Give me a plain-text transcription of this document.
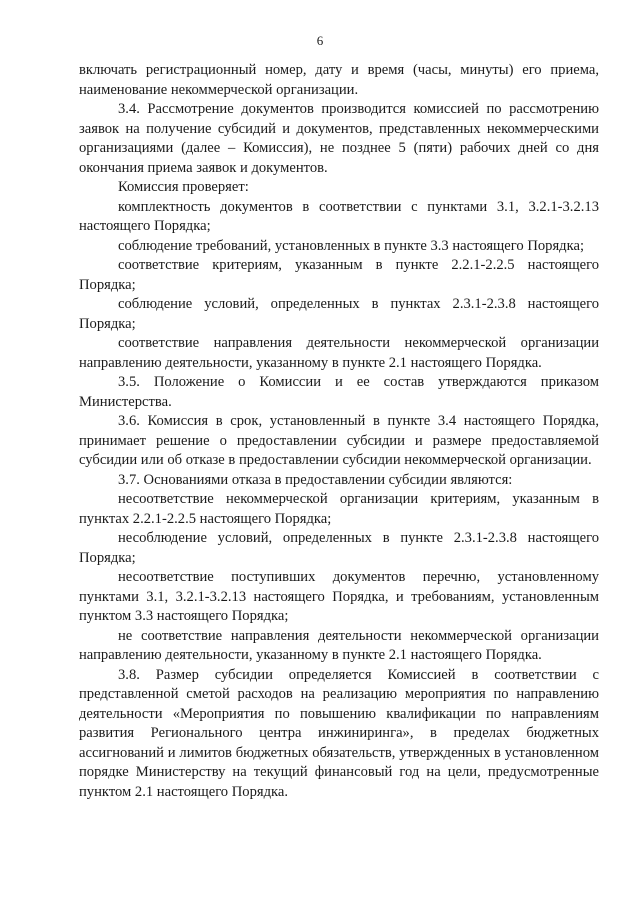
6

включать регистрационный номер, дату и время (часы, минуты) его приема, наименование некоммерческой организации.

3.4. Рассмотрение документов производится комиссией по рассмотрению заявок на получение субсидий и документов, представленных некоммерческими организациями (далее – Комиссия), не позднее 5 (пяти) рабочих дней со дня окончания приема заявок и документов.

Комиссия проверяет:

комплектность документов в соответствии с пунктами 3.1, 3.2.1-3.2.13 настоящего Порядка;

соблюдение требований, установленных в пункте 3.3 настоящего Порядка;

соответствие критериям, указанным в пункте 2.2.1-2.2.5 настоящего Порядка;

соблюдение условий, определенных в пунктах 2.3.1-2.3.8 настоящего Порядка;

соответствие направления деятельности некоммерческой организации направлению деятельности, указанному в пункте 2.1 настоящего Порядка.

3.5. Положение о Комиссии и ее состав утверждаются приказом Министерства.

3.6. Комиссия в срок, установленный в пункте 3.4 настоящего Порядка, принимает решение о предоставлении субсидии и размере предоставляемой субсидии или об отказе в предоставлении субсидии некоммерческой организации.

3.7. Основаниями отказа в предоставлении субсидии являются:

несоответствие некоммерческой организации критериям, указанным в пунктах 2.2.1-2.2.5 настоящего Порядка;

несоблюдение условий, определенных в пункте 2.3.1-2.3.8 настоящего Порядка;

несоответствие поступивших документов перечню, установленному пунктами 3.1, 3.2.1-3.2.13 настоящего Порядка, и требованиям, установленным пунктом 3.3 настоящего Порядка;

не соответствие направления деятельности некоммерческой организации направлению деятельности, указанному в пункте 2.1 настоящего Порядка.

3.8. Размер субсидии определяется Комиссией в соответствии с представленной сметой расходов на реализацию мероприятия по направлению деятельности «Мероприятия по повышению квалификации по направлениям развития Регионального центра инжиниринга», в пределах бюджетных ассигнований и лимитов бюджетных обязательств, утвержденных в установленном порядке Министерству на текущий финансовый год на цели, предусмотренные пунктом 2.1 настоящего Порядка.
